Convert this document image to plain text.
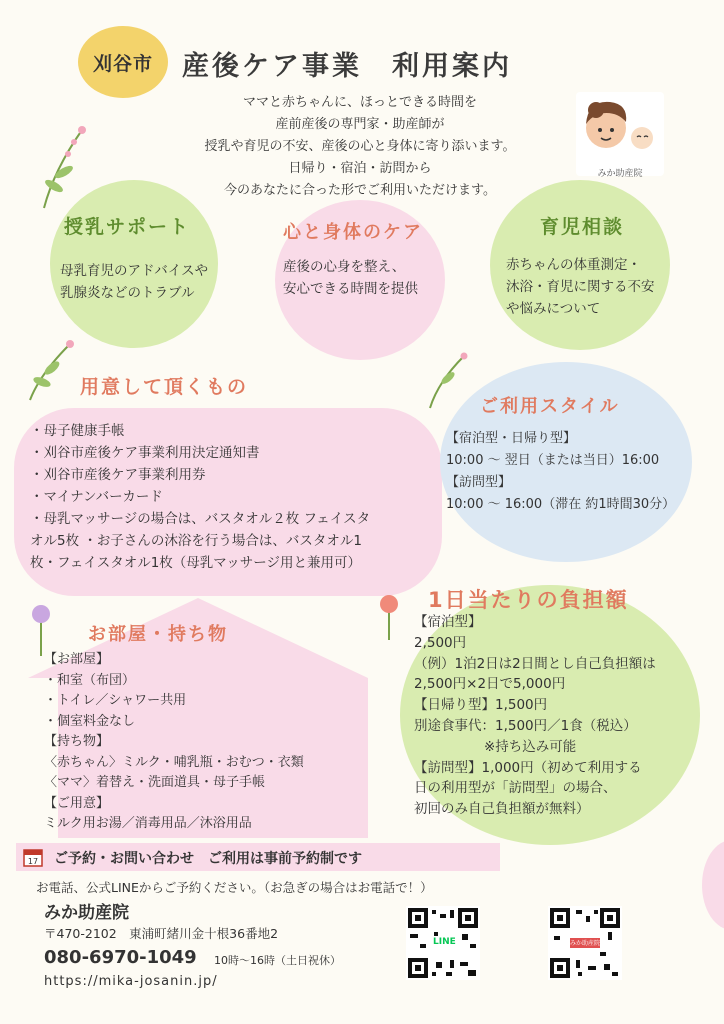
刈谷市	産後ケア事業　利用案内
ママと赤ちゃんに、ほっとできる時間を
産前産後の専門家・助産師が
授乳や育児の不安、産後の心と身体に寄り添います。
日帰り・宿泊・訪問から
今のあなたに合った形でご利用いただけます。
みか助産院
授乳サポート
母乳育児のアドバイスや
乳腺炎などのトラブル
心と身体のケア
産後の心身を整え、
安心できる時間を提供
育児相談
赤ちゃんの体重測定・
沐浴・育児に関する不安
や悩みについて
用意して頂くもの
・母子健康手帳
・刈谷市産後ケア事業利用決定通知書
・刈谷市産後ケア事業利用券
・マイナンバーカード
・母乳マッサージの場合は、バスタオル２枚 フェイスタ
オル5枚 ・お子さんの沐浴を行う場合は、バスタオル1
枚・フェイスタオル1枚（母乳マッサージ用と兼用可）
ご利用スタイル
【宿泊型・日帰り型】
10:00 〜 翌日（または当日）16:00
【訪問型】
10:00 〜 16:00（滞在 約1時間30分）
お部屋・持ち物
【お部屋】
・和室（布団）
・トイレ／シャワー共用
・個室料金なし
【持ち物】
〈赤ちゃん〉ミルク・哺乳瓶・おむつ・衣類
〈ママ〉着替え・洗面道具・母子手帳
【ご用意】
ミルク用お湯／消毒用品／沐浴用品
1日当たりの負担額
【宿泊型】
2,500円
（例）1泊2日は2日間とし自己負担額は
2,500円×2日で5,000円
【日帰り型】1,500円
別途食事代：1,500円／1食（税込）
※持ち込み可能
【訪問型】1,000円（初めて利用する
日の利用型が「訪問型」の場合、
初回のみ自己負担額が無料）
17 ご予約・お問い合わせ　ご利用は事前予約制です
お電話、公式LINEからご予約ください。（お急ぎの場合はお電話で！）
みか助産院
〒470-2102　東浦町緒川金十根36番地2
080-6970-1049 10時〜16時（土日祝休）
https://mika-josanin.jp/
LINE	みか助産院
